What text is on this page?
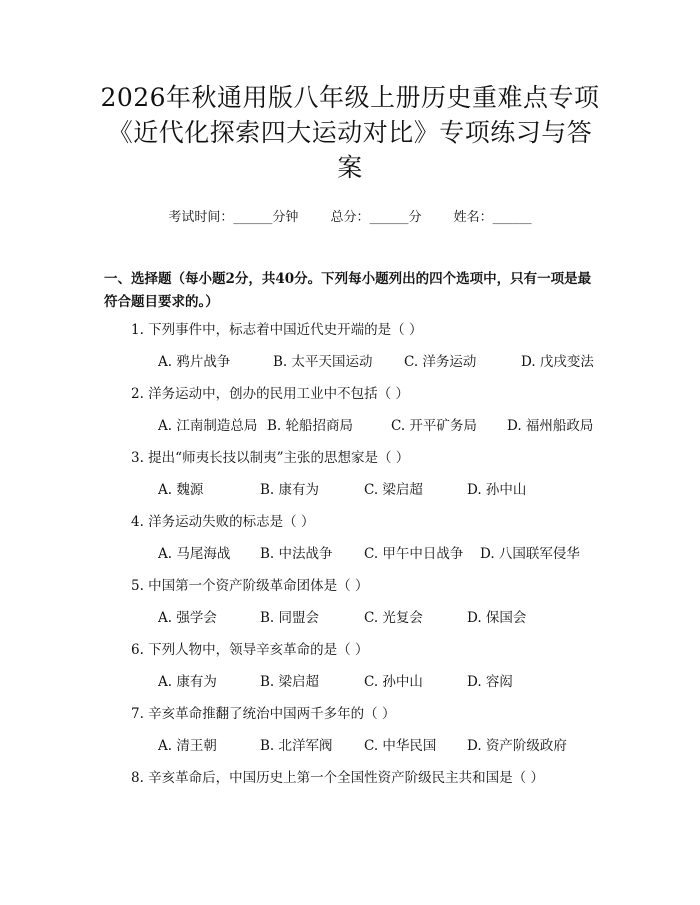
2026年秋通用版八年级上册历史重难点专项
《近代化探索四大运动对比》专项练习与答
案
考试时间：______分钟 总分：______分 姓名：______
一、选择题（每小题2分，共40分。下列每小题列出的四个选项中，只有一项是最符合题目要求的。）
1. 下列事件中，标志着中国近代史开端的是（ ）
A. 鸦片战争	B. 太平天国运动 C. 洋务运动	D. 戊戌变法
2. 洋务运动中，创办的民用工业中不包括（ ）
A. 江南制造总局 B. 轮船招商局	C. 开平矿务局 D. 福州船政局
3. 提出“师夷长技以制夷”主张的思想家是（ ）
A. 魏源	B. 康有为	C. 梁启超	D. 孙中山
4. 洋务运动失败的标志是（ ）
A. 马尾海战 B. 中法战争 C. 甲午中日战争 D. 八国联军侵华
5. 中国第一个资产阶级革命团体是（ ）
A. 强学会	B. 同盟会	C. 光复会	D. 保国会
6. 下列人物中，领导辛亥革命的是（ ）
A. 康有为	B. 梁启超	C. 孙中山	D. 容闳
7. 辛亥革命推翻了统治中国两千多年的（ ）
A. 清王朝	B. 北洋军阀 C. 中华民国 D. 资产阶级政府
8. 辛亥革命后，中国历史上第一个全国性资产阶级民主共和国是（ ）
